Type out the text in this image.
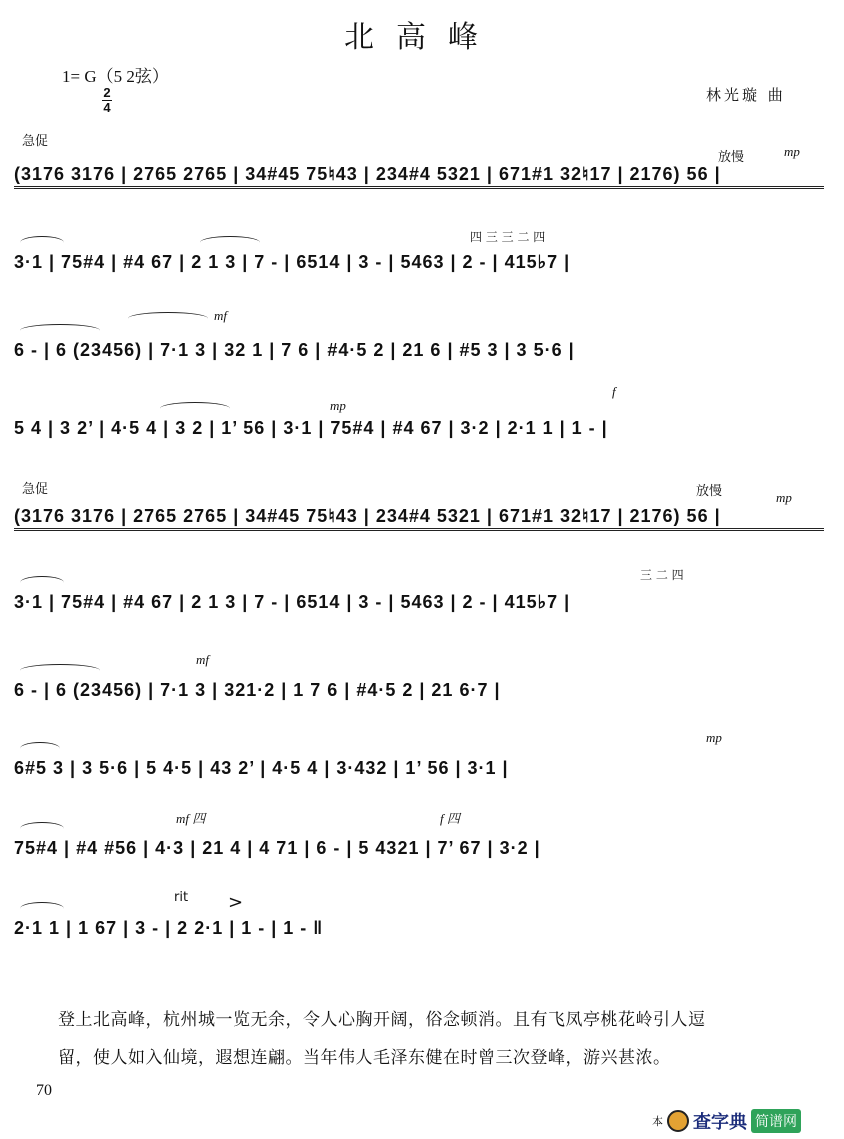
北高峰
1= G（5 2弦）
2
4
林光璇 曲
急促
放慢	mp
(3176 3176 | 2765 2765 | 34#45 75♮43 | 234#4 5321 | 671#1 32♮17 | 2176) 56 |
四 三 三 二 四
3·1 | 75#4 | #4 67 | 2 1 3 | 7 - | 6514 | 3 - | 5463 | 2 - | 415♭7 |
mf
6 - | 6 (23456) | 7·1 3 | 32 1 | 7 6 | #4·5 2 | 21 6 | #5 3 | 3 5·6 |
mp
f
5 4 | 3 2’ | 4·5 4 | 3 2 | 1’ 56 | 3·1 | 75#4 | #4 67 | 3·2 | 2·1 1 | 1 - |
急促	放慢	mp
(3176 3176 | 2765 2765 | 34#45 75♮43 | 234#4 5321 | 671#1 32♮17 | 2176) 56 |
三 二 四
3·1 | 75#4 | #4 67 | 2 1 3 | 7 - | 6514 | 3 - | 5463 | 2 - | 415♭7 |
mf
6 - | 6 (23456) | 7·1 3 | 321·2 | 1 7 6 | #4·5 2 | 21 6·7 |
mp
6#5 3 | 3 5·6 | 5 4·5 | 43 2’ | 4·5 4 | 3·432 | 1’ 56 | 3·1 |
mf 四	f 四
75#4 | #4 #56 | 4·3 | 21 4 | 4 71 | 6 - | 5 4321 | 7’ 67 | 3·2 |
rit >
2·1 1 | 1 67 | 3 - | 2 2·1 | 1 - | 1 - ‖

登上北高峰，杭州城一览无余，令人心胸开阔，俗念顿消。且有飞凤亭桃花岭引人逗

留，使人如入仙境，遐想连翩。当年伟人毛泽东健在时曾三次登峰，游兴甚浓。

70
本 查字典 简谱网
